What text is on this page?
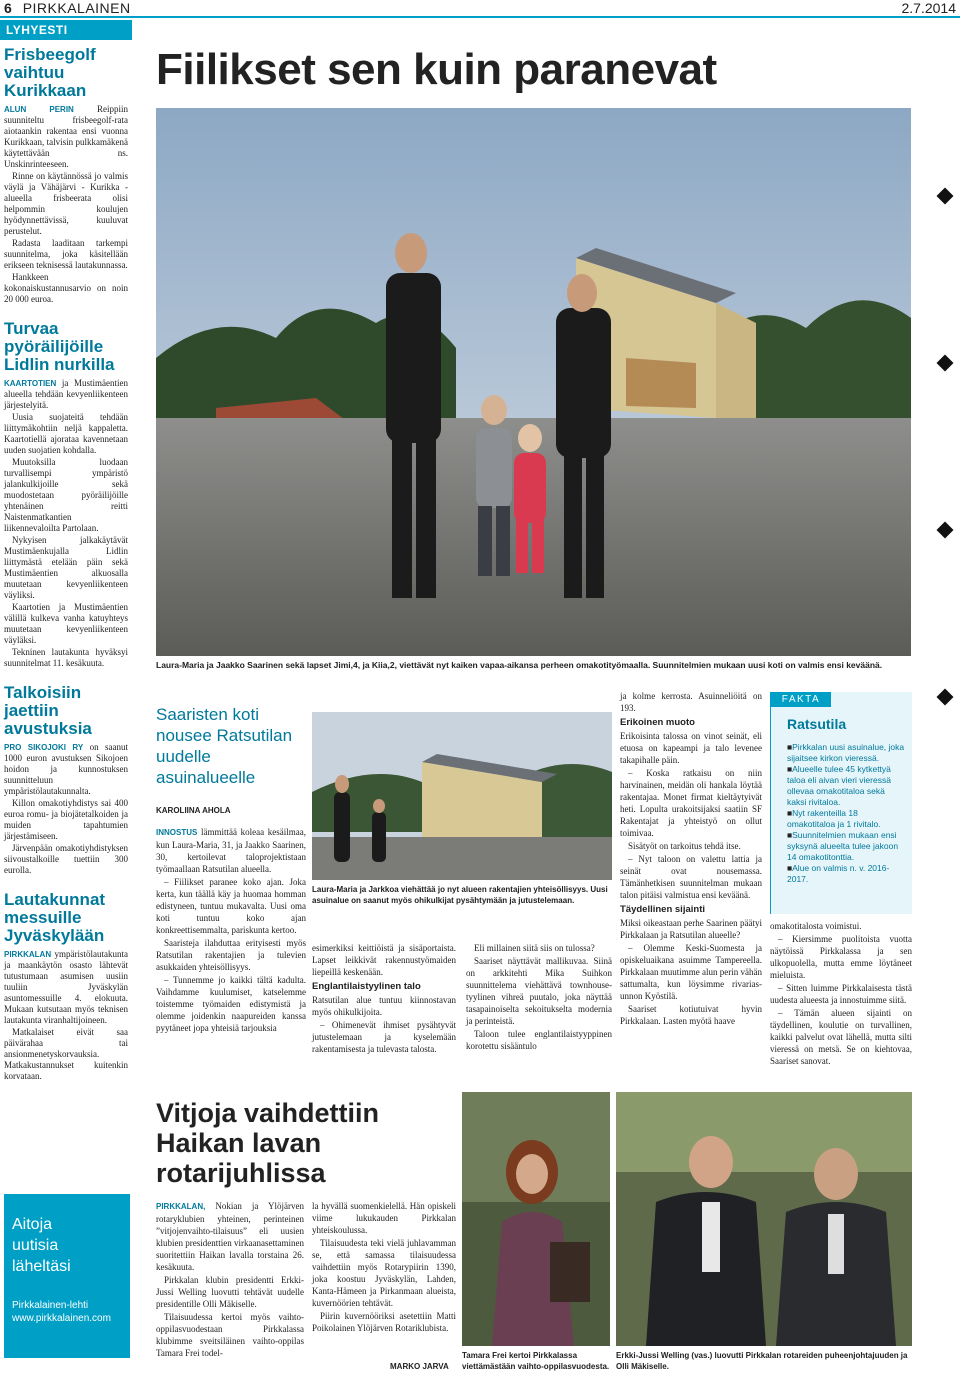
6 PIRKKALAINEN	2.7.2014
LYHYESTI
Frisbeegolf vaihtuu Kurikkaan

ALUN PERIN	Reippiin suunniteltu frisbeegolf-rata aiotaankin rakentaa ensi vuonna Kurikkaan, talvisin pulkkamäkenä käytettävään ns. Unskinrinteeseen.

Rinne on käytännössä jo valmis väylä ja Vähäjärvi - Kurikka -alueella frisbeerata olisi helpommin koulujen hyödynnettävissä, kuuluvat perustelut.

Radasta laaditaan tarkempi suunnitelma, joka käsitellään erikseen teknisessä lautakunnassa.

Hankkeen kokonaiskustannusarvio on noin 20 000 euroa.

Turvaa pyöräilijöille Lidlin nurkilla

KAARTOTIEN ja Mustimäentien alueella tehdään kevyenliikenteen järjestelyitä.

Uusia suojateitä tehdään liittymäkohtiin neljä kappaletta. Kaartotiellä ajorataa kavennetaan uuden suojatien kohdalla.

Muutoksilla luodaan turvallisempi ympäristö jalankulkijoille sekä muodostetaan pyöräilijöille yhtenäinen reitti Naistenmatkantien liikennevaloilta Partolaan.

Nykyisen jalkakäytävät Mustimäenkujalla Lidlin liittymästä etelään päin sekä Mustimäentien alkuosalla muutetaan kevyenliikenteen väyliksi.

Kaartotien ja Mustimäentien välillä kulkeva vanha katuyhteys muutetaan kevyenliikenteen väyläksi.

Tekninen lautakunta hyväksyi suunnitelmat 11. kesäkuuta.

Talkoisiin jaettiin avustuksia

PRO SIKOJOKI RY on saanut 1000 euron avustuksen Sikojoen hoidon ja kunnostuksen suunnitteluun ympäristölautakunnalta.

Killon omakotiyhdistys sai 400 euroa romu- ja biojätetalkoiden ja muiden tapahtumien järjestämiseen.

Järvenpään omakotiyhdistyksen siivoustalkoille tuettiin 300 eurolla.

Lautakunnat messuille Jyväskylään

PIRKKALAN ympäristölautakunta ja maankäytön osasto lähtevät tutustumaan asumisen uusiin tuuliin Jyväskylän asuntomessuille 4. elokuuta. Mukaan kutsutaan myös teknisen lautakunta viranhaltijoineen.

Matkalaiset eivät saa päivärahaa tai ansionmenetyskorvauksia. Matkakustannukset kuitenkin korvataan.

Aitoja
uutisia
läheltäsi
Pirkkalainen-lehti
www.pirkkalainen.com
Fiilikset sen kuin paranevat
Laura-Maria ja Jaakko Saarinen sekä lapset Jimi,4, ja Kiia,2, viettävät nyt kaiken vapaa-aikansa perheen omakotityömaalla. Suunnitelmien mukaan uusi koti on valmis ensi keväänä.
Saaristen koti nousee Ratsutilan uudelle asuinalueelle
KAROLIINA AHOLA

INNOSTUS lämmittää koleaa kesäilmaa, kun Laura-Maria, 31, ja Jaakko Saarinen, 30, kertoilevat taloprojektistaan työmaallaan Ratsutilan alueella.

– Fiilikset paranee koko ajan. Joka kerta, kun täällä käy ja huomaa homman edistyneen, tuntuu mukavalta. Uusi oma koti tuntuu koko ajan konkreettisemmalta, pariskunta kertoo.

Saaristeja ilahduttaa erityisesti myös Ratsutilan rakentajien ja tulevien asukkaiden yhteisöllisyys.

– Tunnemme jo kaikki tältä kadulta. Vaihdamme kuulumiset, katselemme toistemme työmaiden edistymistä ja olemme joidenkin naapureiden kanssa pyytäneet jopa yhteisiä tarjouksia

Laura-Maria ja Jarkkoa viehättää jo nyt alueen rakentajien yhteisöllisyys. Uusi asuinalue on saanut myös ohikulkijat pysähtymään ja jutustelemaan.

esimerkiksi keittiöistä ja sisäportaista. Lapset leikkivät rakennustyömaiden liepeillä keskenään.

Englantilaistyylinen talo

Ratsutilan alue tuntuu kiinnostavan myös ohikulkijoita.

– Ohimenevät ihmiset pysähtyvät jutustelemaan ja kyselemään rakentamisesta ja tulevasta talosta.

Eli millainen siitä siis on tulossa?

Saariset näyttävät mallikuvaa. Siinä on arkkitehti Mika Suihkon suunnittelema viehättävä townhouse-tyylinen vihreä puutalo, joka näyttää tasapainoiselta sekoitukselta modernia ja perinteistä.

Taloon tulee englantilaistyyppinen korotettu sisääntulo

ja kolme kerrosta. Asuinneliöitä on 193.

Erikoinen muoto

Erikoisinta talossa on vinot seinät, eli etuosa on kapeampi ja talo levenee takapihalle päin.

– Koska ratkaisu on niin harvinainen, meidän oli hankala löytää rakentajaa. Monet firmat kieltäytyivät heti. Lopulta urakoitsijaksi saatiin SF Rakentajat ja yhteistyö on ollut toimivaa.

Sisätyöt on tarkoitus tehdä itse.

– Nyt taloon on valettu lattia ja seinät ovat nousemassa. Tämänhetkisen suunnitelman mukaan talon pitäisi valmistua ensi keväänä.

Täydellinen sijainti

Miksi oikeastaan perhe Saarinen päätyi Pirkkalaan ja Ratsutilan alueelle?

– Olemme Keski-Suomesta ja opiskeluaikana asuimme Tampereella. Pirkkalaan muutimme alun perin vähän sattumalta, kun löysimme rivariasunnon Kyöstilä.

Saariset kotiutuivat hyvin Pirkkalaan. Lasten myötä haave

FAKTA
Ratsutila
■ Pirkkalan uusi asuinalue, joka sijaitsee kirkon vieressä.
■ Alueelle tulee 45 kytkettyä taloa eli aivan vieri vieressä ollevaa omakotitaloa sekä kaksi rivitaloa.
■ Nyt rakenteilla 18 omakotitaloa ja 1 rivitalo.
■ Suunnitelmien mukaan ensi syksynä alueelta tulee jakoon 14 omakotitonttia.
■ Alue on valmis n. v. 2016-2017.

omakotitalosta voimistui.

– Kiersimme puolitoista vuotta näytöissä Pirkkalassa ja sen ulkopuolella, mutta emme löytäneet mieluista.

– Sitten luimme Pirkkalaisesta tästä uudesta alueesta ja innostuimme siitä.

– Tämän alueen sijainti on täydellinen, koulutie on turvallinen, kaikki palvelut ovat lähellä, mutta silti vieressä on metsä. Se on kiehtovaa, Saariset sanovat.

Vitjoja vaihdettiin Haikan lavan rotarijuhlissa

PIRKKALAN, Nokian ja Ylöjärven rotaryklubien yhteinen, perinteinen ”vitjojenvaihto-tilaisuus” eli uusien klubien presidenttien virkaanasettaminen suoritettiin Haikan lavalla torstaina 26. kesäkuuta.

Pirkkalan klubin presidentti Erkki-Jussi Welling luovutti tehtävät uudelle presidentille Olli Mäkiselle.

Tilaisuudessa kertoi myös vaihto-oppilasvuodestaan Pirkkalassa klubimme sveitsiläinen vaihto-oppilas Tamara Frei todel-

la hyvällä suomenkielellä. Hän opiskeli viime lukukauden Pirkkalan yhteiskoulussa.

Tilaisuudesta teki vielä juhlavamman se, että samassa tilaisuudessa vaihdettiin myös Rotarypiirin 1390, joka koostuu Jyväskylän, Lahden, Kanta-Hämeen ja Pirkanmaan alueista, kuvernöörien tehtävät.

Piirin kuvernööriksi asetettiin Matti Poikolainen Ylöjärven Rotariklubista.

MARKO JARVA
Tamara Frei kertoi Pirkkalassa viettämästään vaihto-oppilasvuodesta.
Erkki-Jussi Welling (vas.) luovutti Pirkkalan rotareiden puheenjohtajuuden ja Olli Mäkiselle.
